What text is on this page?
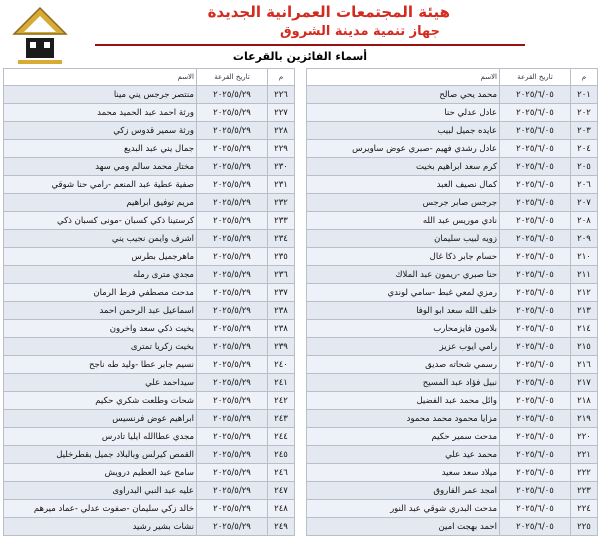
هيئة المجتمعات العمرانية الجديدة
جهاز تنمية مدينة الشروق
أسماء الفائزين بالقرعات
م	تاريخ القرعة	الاسم
٢٠١	٢٠٢٥/٦/٠٥	محمد يحي صالح
٢٠٢	٢٠٢٥/٦/٠٥	عادل عدلي حنا
٢٠٣	٢٠٢٥/٦/٠٥	عايده جميل لبيب
٢٠٤	٢٠٢٥/٦/٠٥	عادل رشدي فهيم -صبري عوض ساويرس
٢٠٥	٢٠٢٥/٦/٠٥	كرم سعد ابراهيم بخيت
٢٠٦	٢٠٢٥/٦/٠٥	كمال نصيف العبد
٢٠٧	٢٠٢٥/٦/٠٥	جرجس صابر جرجس
٢٠٨	٢٠٢٥/٦/٠٥	نادي موريس عبد الله
٢٠٩	٢٠٢٥/٦/٠٥	زويه لبيب سليمان
٢١٠	٢٠٢٥/٦/٠٥	حسام جابر ذكا غال
٢١١	٢٠٢٥/٦/٠٥	حنا صبري -ريمون عبد الملاك
٢١٢	٢٠٢٥/٦/٠٥	رمزي لمعي غبط -سامي لوندي
٢١٣	٢٠٢٥/٦/٠٥	خلف الله سعد ابو الوفا
٢١٤	٢٠٢٥/٦/٠٥	بلامون فايزمحارب
٢١٥	٢٠٢٥/٦/٠٥	رامي ايوب عزيز
٢١٦	٢٠٢٥/٦/٠٥	رسمي شحاته صديق
٢١٧	٢٠٢٥/٦/٠٥	نبيل فؤاد عبد المسيح
٢١٨	٢٠٢٥/٦/٠٥	وائل محمد عبد الفضيل
٢١٩	٢٠٢٥/٦/٠٥	مزايا محمود محمد محمود
٢٢٠	٢٠٢٥/٦/٠٥	مدحت سمير حكيم
٢٢١	٢٠٢٥/٦/٠٥	محمد عيد علي
٢٢٢	٢٠٢٥/٦/٠٥	ميلاد سعد سعيد
٢٢٣	٢٠٢٥/٦/٠٥	امجد عمر الفاروق
٢٢٤	٢٠٢٥/٦/٠٥	مدحت البدري شوقي عبد النور
٢٢٥	٢٠٢٥/٦/٠٥	احمد بهجت امين
م	تاريخ القرعة	الاسم
٢٢٦	٢٠٢٥/٥/٢٩	منتصر جرجس يني مينا
٢٢٧	٢٠٢٥/٥/٢٩	ورثة احمد عبد الحميد محمد
٢٢٨	٢٠٢٥/٥/٢٩	ورثة سمير قدوس زكي
٢٢٩	٢٠٢٥/٥/٢٩	جمال يني عبد البديع
٢٣٠	٢٠٢٥/٥/٢٩	مختار محمد سالم ومي سهد
٢٣١	٢٠٢٥/٥/٢٩	صفية عطية عبد المنعم -رامي حنا شوقي
٢٣٢	٢٠٢٥/٥/٢٩	مريم توفيق ابراهيم
٢٣٣	٢٠٢٥/٥/٢٩	كرستينا ذكي كسبان -مونى كسبان ذكي
٢٣٤	٢٠٢٥/٥/٢٩	اشرف وايمن نجيب يني
٢٣٥	٢٠٢٥/٥/٢٩	ماهرجميل بطرس
٢٣٦	٢٠٢٥/٥/٢٩	مجدي مترى رمله
٢٣٧	٢٠٢٥/٥/٢٩	مدحت مصطفي فرط الرمان
٢٣٨	٢٠٢٥/٥/٢٩	اسماعيل عبد الرحمن احمد
٢٣٨	٢٠٢٥/٥/٢٩	يخيت ذكي سعد واخرون
٢٣٩	٢٠٢٥/٥/٢٩	بخيت زكريا تمترى
٢٤٠	٢٠٢٥/٥/٢٩	نسيم جابر عطا -وليد طه ناجح
٢٤١	٢٠٢٥/٥/٢٩	سيداحمد علي
٢٤٢	٢٠٢٥/٥/٢٩	شحات وطلعت شكري حكيم
٢٤٣	٢٠٢٥/٥/٢٩	ابراهيم عوض فرنسيس
٢٤٤	٢٠٢٥/٥/٢٩	مجدي عطاالله ايليا تادرس
٢٤٥	٢٠٢٥/٥/٢٩	القمص كيرلس وبالبلاد جميل بقطرخليل
٢٤٦	٢٠٢٥/٥/٢٩	سامح عبد العظيم درويش
٢٤٧	٢٠٢٥/٥/٢٩	عليه عبد النبي البدراوى
٢٤٨	٢٠٢٥/٥/٢٩	خالد زكي سليمان -صفوت عدلي -عماد ميرهم
٢٤٩	٢٠٢٥/٥/٢٩	نشات بشير رشيد
